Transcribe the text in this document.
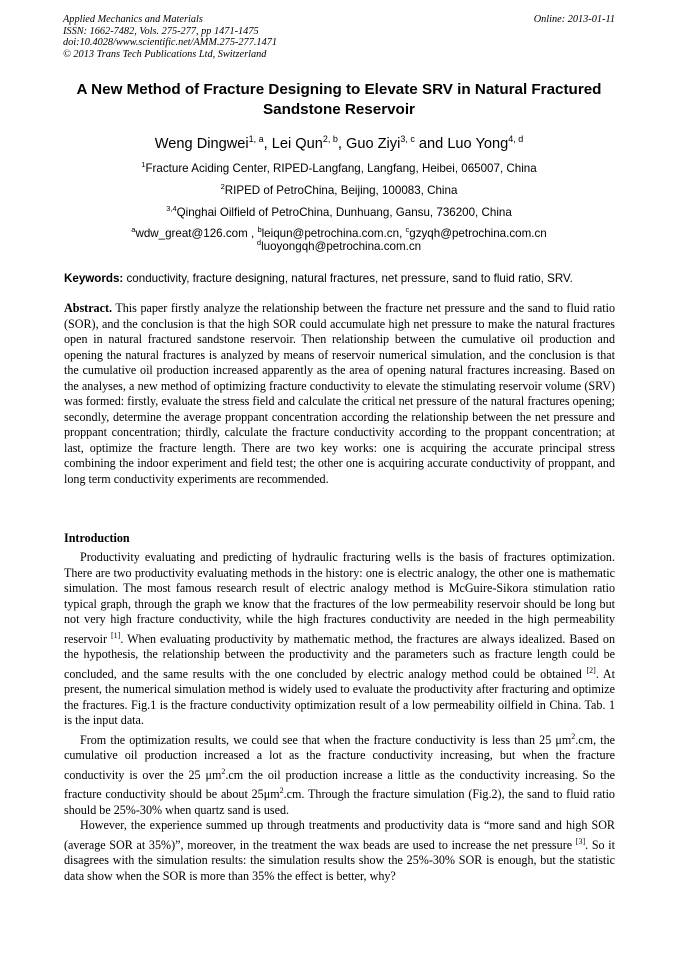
Applied Mechanics and Materials
ISSN: 1662-7482, Vols. 275-277, pp 1471-1475
doi:10.4028/www.scientific.net/AMM.275-277.1471
© 2013 Trans Tech Publications Ltd, Switzerland
Online: 2013-01-11
A New Method of Fracture Designing to Elevate SRV in Natural Fractured
Sandstone Reservoir
Weng Dingwei$^{1, a}$, Lei Qun$^{2, b}$, Guo Ziyi$^{3, c}$ and Luo Yong$^{4, d}$
$^1$Fracture Aciding Center, RIPED-Langfang, Langfang, Heibei, 065007, China
$^2$RIPED of PetroChina, Beijing, 100083, China
$^{3,4}$Qinghai Oilfield of PetroChina, Dunhuang, Gansu, 736200, China
$^a$wdw_great@126.com , $^b$leiqun@petrochina.com.cn, $^c$gzyqh@petrochina.com.cn
$^d$luoyongqh@petrochina.com.cn
Keywords: conductivity, fracture designing, natural fractures, net pressure, sand to fluid ratio, SRV.

Abstract. This paper firstly analyze the relationship between the fracture net pressure and the sand to fluid ratio (SOR), and the conclusion is that the high SOR could accumulate high net pressure to make the natural fractures open in natural fractured sandstone reservoir. Then relationship between the cumulative oil production and opening the natural fractures is analyzed by means of reservoir numerical simulation, and the conclusion is that the cumulative oil production increased apparently as the area of opening natural fractures increasing. Based on the analyses, a new method of optimizing fracture conductivity to elevate the stimulating reservoir volume (SRV) was formed: firstly, evaluate the stress field and calculate the critical net pressure of the natural fractures opening; secondly, determine the average proppant concentration according the relationship between the net pressure and proppant concentration; thirdly, calculate the fracture conductivity according to the proppant concentration; at last, optimize the fracture length. There are two key works: one is acquiring the accurate principal stress combining the indoor experiment and field test; the other one is acquiring accurate conductivity of proppant, and long term conductivity experiments are recommended.

Introduction

Productivity evaluating and predicting of hydraulic fracturing wells is the basis of fractures optimization. There are two productivity evaluating methods in the history: one is electric analogy, the other one is mathematic simulation. The most famous research result of electric analogy method is McGuire-Sikora stimulation ratio typical graph, through the graph we know that the fractures of the low permeability reservoir should be long but not very high fracture conductivity, while the high fractures conductivity are needed in the high permeability reservoir [1]. When evaluating productivity by mathematic method, the fractures are always idealized. Based on the hypothesis, the relationship between the productivity and the parameters such as fracture length could be concluded, and the same results with the one concluded by electric analogy method could be obtained [2]. At present, the numerical simulation method is widely used to evaluate the productivity after fracturing and optimize the fractures. Fig.1 is the fracture conductivity optimization result of a low permeability oilfield in China. Tab. 1 is the input data.

From the optimization results, we could see that when the fracture conductivity is less than 25 $\mu m^2.cm$, the cumulative oil production increased a lot as the fracture conductivity increasing, but when the fracture conductivity is over the 25 $\mu m^2.cm$ the oil production increase a little as the conductivity increasing. So the fracture conductivity should be about $25\mu m^2.cm$. Through the fracture simulation (Fig.2), the sand to fluid ratio should be 25%-30% when quartz sand is used.

However, the experience summed up through treatments and productivity data is “more sand and high SOR (average SOR at 35%)”, moreover, in the treatment the wax beads are used to increase the net pressure [3]. So it disagrees with the simulation results: the simulation results show the 25%-30% SOR is enough, but the statistic data show when the SOR is more than 35% the effect is better, why?
